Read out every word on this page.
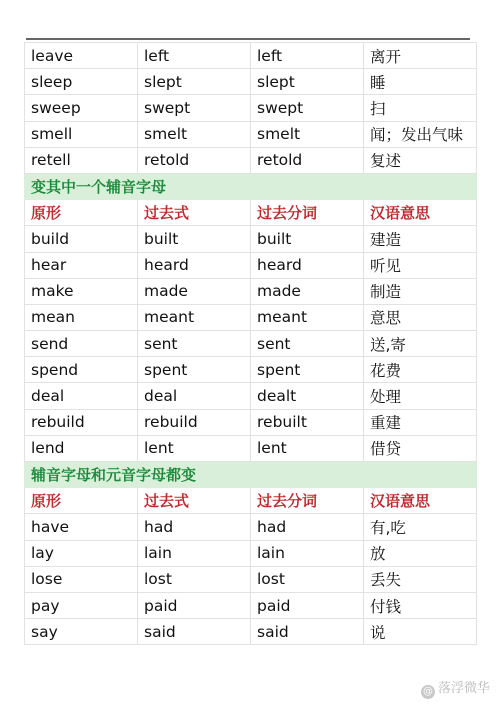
leave	left	left	离开
sleep	slept	slept	睡
sweep	swept	swept	扫
smell	smelt	smelt	闻；发出气味
retell	retold	retold	复述
变其中一个辅音字母			
原形	过去式	过去分词	汉语意思
build	built	built	建造
hear	heard	heard	听见
make	made	made	制造
mean	meant	meant	意思
send	sent	sent	送,寄
spend	spent	spent	花费
deal	deal	dealt	处理
rebuild	rebuild	rebuilt	重建
lend	lent	lent	借贷
辅音字母和元音字母都变			
原形	过去式	过去分词	汉语意思
have	had	had	有,吃
lay	lain	lain	放
lose	lost	lost	丢失
pay	paid	paid	付钱
say	said	said	说
@ 落浮微华
